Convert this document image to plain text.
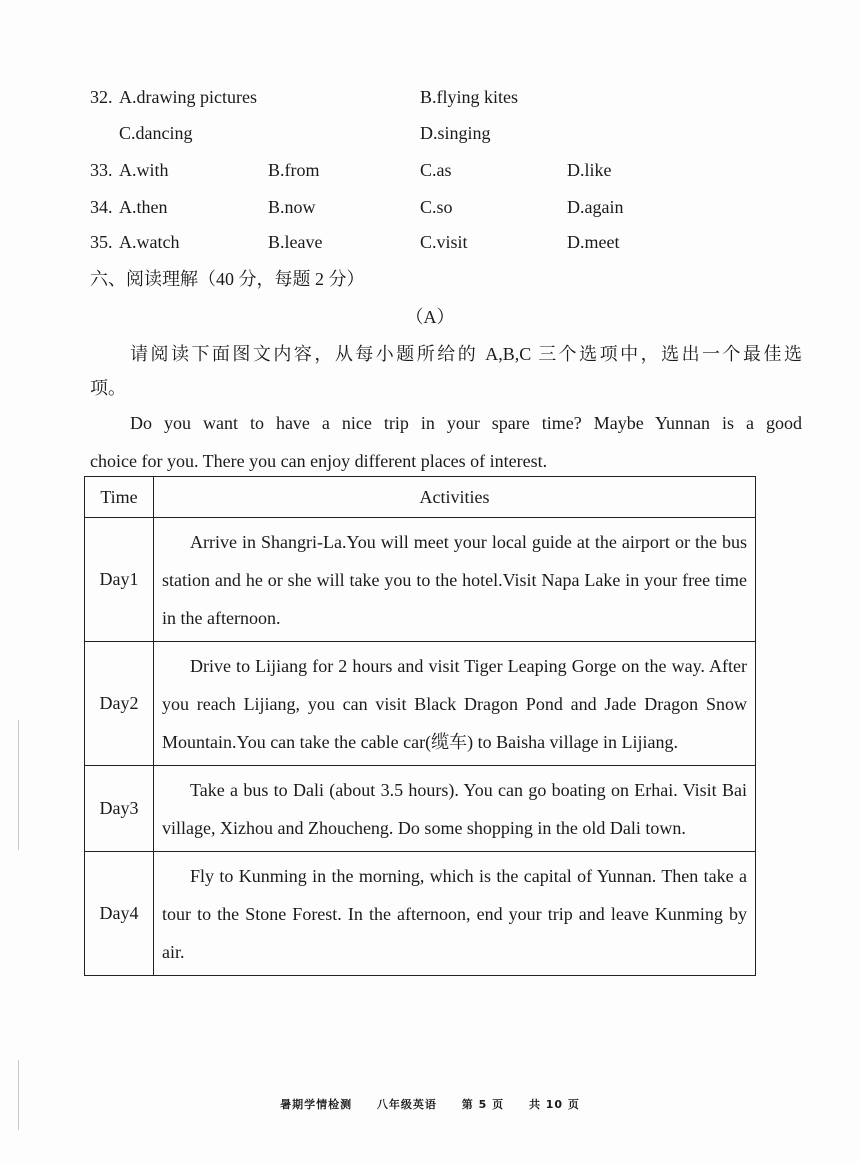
32. A.drawing pictures	B.flying kites
C.dancing	D.singing
33. A.with	B.from	C.as	D.like
34. A.then	B.now	C.so	D.again
35. A.watch	B.leave	C.visit	D.meet
六、阅读理解（40 分，每题 2 分）
（A）
请阅读下面图文内容，从每小题所给的 A,B,C 三个选项中，选出一个最佳选
项。
Do you want to have a nice trip in your spare time? Maybe Yunnan is a good
choice for you. There you can enjoy different places of interest.
Time	Activities
Day1	Arrive in Shangri-La.You will meet your local guide at the airport or the bus station and he or she will take you to the hotel.Visit Napa Lake in your free time in the afternoon.
Day2	Drive to Lijiang for 2 hours and visit Tiger Leaping Gorge on the way. After you reach Lijiang, you can visit Black Dragon Pond and Jade Dragon Snow Mountain.You can take the cable car(缆车) to Baisha village in Lijiang.
Day3	Take a bus to Dali (about 3.5 hours). You can go boating on Erhai. Visit Bai village, Xizhou and Zhoucheng. Do some shopping in the old Dali town.
Day4	Fly to Kunming in the morning, which is the capital of Yunnan. Then take a tour to the Stone Forest. In the afternoon, end your trip and leave Kunming by air.
暑期学情检测 八年级英语 第 5 页 共 10 页
